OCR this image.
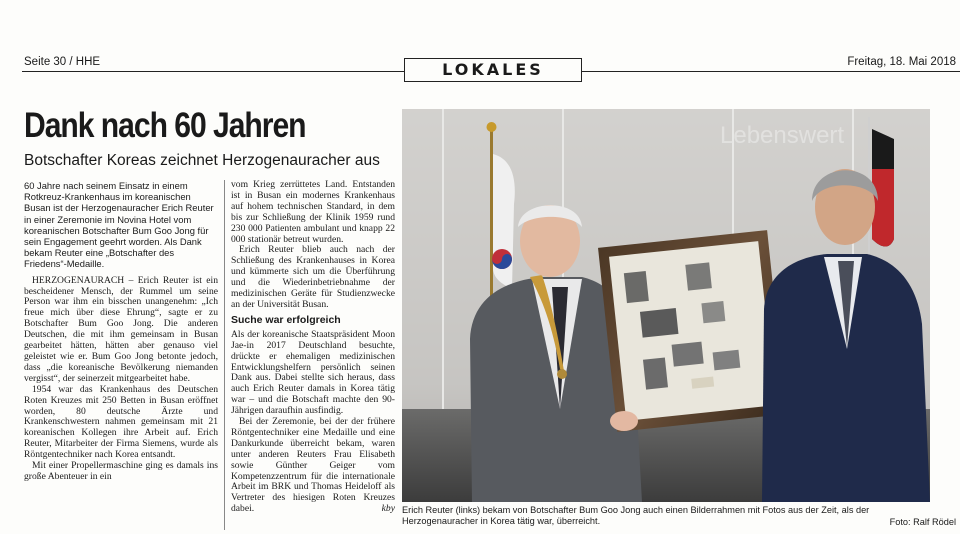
Seite 30 / HHE	LOKALES	Freitag, 18. Mai 2018
Dank nach 60 Jahren
Botschafter Koreas zeichnet Herzogenauracher aus

60 Jahre nach seinem Einsatz in einem Rotkreuz-Krankenhaus im koreanischen Busan ist der Herzogenauracher Erich Reuter in einer Zeremonie im Novina Hotel vom koreanischen Botschafter Bum Goo Jong für sein Engagement geehrt worden. Als Dank bekam Reuter eine „Botschafter des Friedens“-Medaille.

HERZOGENAURACH – Erich Reuter ist ein bescheidener Mensch, der Rummel um seine Person war ihm ein bisschen unangenehm: „Ich freue mich über diese Ehrung“, sagte er zu Botschafter Bum Goo Jong. Die anderen Deutschen, die mit ihm gemeinsam in Busan gearbeitet hätten, hätten aber genauso viel geleistet wie er. Bum Goo Jong betonte jedoch, dass „die koreanische Bevölkerung niemanden vergisst“, der seinerzeit mitgearbeitet habe.

1954 war das Krankenhaus des Deutschen Roten Kreuzes mit 250 Betten in Busan eröffnet worden, 80 deutsche Ärzte und Krankenschwestern nahmen gemeinsam mit 21 koreanischen Kollegen ihre Arbeit auf. Erich Reuter, Mitarbeiter der Firma Siemens, wurde als Röntgentechniker nach Korea entsandt.

Mit einer Propellermaschine ging es damals ins große Abenteuer in ein

vom Krieg zerrüttetes Land. Entstanden ist in Busan ein modernes Krankenhaus auf hohem technischen Standard, in dem bis zur Schließung der Klinik 1959 rund 230 000 Patienten ambulant und knapp 22 000 stationär betreut wurden.

Erich Reuter blieb auch nach der Schließung des Krankenhauses in Korea und kümmerte sich um die Überführung und die Wiederinbetriebnahme der medizinischen Geräte für Studienzwecke an der Universität Busan.

Suche war erfolgreich

Als der koreanische Staatspräsident Moon Jae-in 2017 Deutschland besuchte, drückte er ehemaligen medizinischen Entwicklungshelfern persönlich seinen Dank aus. Dabei stellte sich heraus, dass auch Erich Reuter damals in Korea tätig war – und die Botschaft machte den 90-Jährigen daraufhin ausfindig.

Bei der Zeremonie, bei der der frühere Röntgentechniker eine Medaille und eine Dankurkunde überreicht bekam, waren unter anderen Reuters Frau Elisabeth sowie Günther Geiger vom Kompetenzzentrum für die internationale Arbeit im BRK und Thomas Heideloff als Vertreter des hiesigen Roten Kreuzes dabei.	kby

Lebenswert
Erich Reuter (links) bekam von Botschafter Bum Goo Jong auch einen Bilderrahmen mit Fotos aus der Zeit, als der Herzogenauracher in Korea tätig war, überreicht.	Foto: Ralf Rödel
